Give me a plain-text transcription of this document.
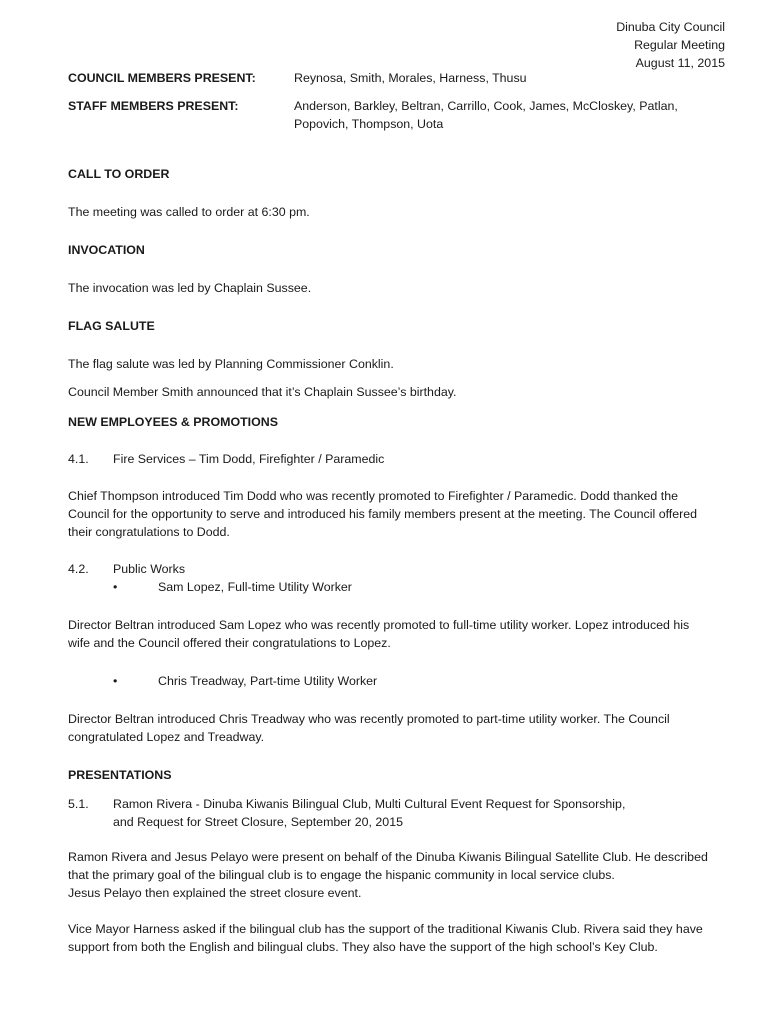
Dinuba City Council
Regular Meeting
August 11, 2015
COUNCIL MEMBERS PRESENT:	Reynosa, Smith, Morales, Harness, Thusu
STAFF MEMBERS PRESENT:	Anderson, Barkley, Beltran, Carrillo, Cook, James, McCloskey, Patlan,
Popovich, Thompson, Uota
CALL TO ORDER

The meeting was called to order at 6:30 pm.

INVOCATION

The invocation was led by Chaplain Sussee.

FLAG SALUTE

The flag salute was led by Planning Commissioner Conklin.

Council Member Smith announced that it’s Chaplain Sussee’s birthday.

NEW EMPLOYEES & PROMOTIONS
4.1.	Fire Services – Tim Dodd, Firefighter / Paramedic
Chief Thompson introduced Tim Dodd who was recently promoted to Firefighter / Paramedic. Dodd thanked the
Council for the opportunity to serve and introduced his family members present at the meeting. The Council offered
their congratulations to Dodd.
4.2.	Public Works
•	Sam Lopez, Full-time Utility Worker
Director Beltran introduced Sam Lopez who was recently promoted to full-time utility worker. Lopez introduced his
wife and the Council offered their congratulations to Lopez.
•	Chris Treadway, Part-time Utility Worker
Director Beltran introduced Chris Treadway who was recently promoted to part-time utility worker. The Council
congratulated Lopez and Treadway.
PRESENTATIONS
5.1.	Ramon Rivera - Dinuba Kiwanis Bilingual Club, Multi Cultural Event Request for Sponsorship,
and Request for Street Closure, September 20, 2015
Ramon Rivera and Jesus Pelayo were present on behalf of the Dinuba Kiwanis Bilingual Satellite Club. He described
that the primary goal of the bilingual club is to engage the hispanic community in local service clubs.
Jesus Pelayo then explained the street closure event.
Vice Mayor Harness asked if the bilingual club has the support of the traditional Kiwanis Club. Rivera said they have
support from both the English and bilingual clubs. They also have the support of the high school’s Key Club.
